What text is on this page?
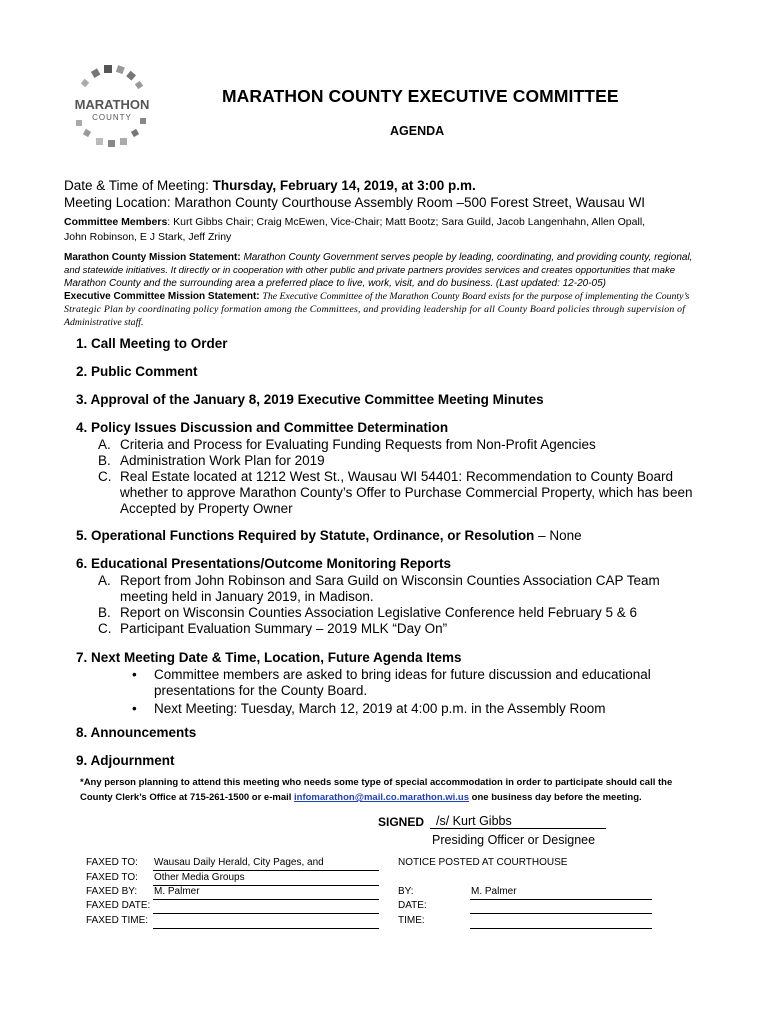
MARATHON
COUNTY
MARATHON COUNTY EXECUTIVE COMMITTEE
AGENDA
Date & Time of Meeting: Thursday, February 14, 2019, at 3:00 p.m.
Meeting Location: Marathon County Courthouse Assembly Room –500 Forest Street, Wausau WI
Committee Members: Kurt Gibbs Chair; Craig McEwen, Vice-Chair; Matt Bootz; Sara Guild, Jacob Langenhahn, Allen Opall,
John Robinson, E J Stark, Jeff Zriny
Marathon County Mission Statement: Marathon County Government serves people by leading, coordinating, and providing county, regional,
and statewide initiatives. It directly or in cooperation with other public and private partners provides services and creates opportunities that make
Marathon County and the surrounding area a preferred place to live, work, visit, and do business. (Last updated: 12-20-05)
Executive Committee Mission Statement: The Executive Committee of the Marathon County Board exists for the purpose of implementing the County’s
Strategic Plan by coordinating policy formation among the Committees, and providing leadership for all County Board policies through supervision of
Administrative staff.
1. Call Meeting to Order
2. Public Comment
3. Approval of the January 8, 2019 Executive Committee Meeting Minutes
4. Policy Issues Discussion and Committee Determination
A. Criteria and Process for Evaluating Funding Requests from Non-Profit Agencies
B. Administration Work Plan for 2019
C. Real Estate located at 1212 West St., Wausau WI 54401: Recommendation to County Board
whether to approve Marathon County’s Offer to Purchase Commercial Property, which has been
Accepted by Property Owner
5. Operational Functions Required by Statute, Ordinance, or Resolution – None
6. Educational Presentations/Outcome Monitoring Reports
A. Report from John Robinson and Sara Guild on Wisconsin Counties Association CAP Team
meeting held in January 2019, in Madison.
B. Report on Wisconsin Counties Association Legislative Conference held February 5 & 6
C. Participant Evaluation Summary – 2019 MLK “Day On”
7. Next Meeting Date & Time, Location, Future Agenda Items
• Committee members are asked to bring ideas for future discussion and educational
presentations for the County Board.
• Next Meeting: Tuesday, March 12, 2019 at 4:00 p.m. in the Assembly Room
8. Announcements
9. Adjournment
*Any person planning to attend this meeting who needs some type of special accommodation in order to participate should call the
County Clerk’s Office at 715-261-1500 or e-mail infomarathon@mail.co.marathon.wi.us one business day before the meeting.
SIGNED /s/ Kurt Gibbs
Presiding Officer or Designee
FAXED TO: Wausau Daily Herald, City Pages, and
FAXED TO: Other Media Groups
FAXED BY: M. Palmer
FAXED DATE:
FAXED TIME:
NOTICE POSTED AT COURTHOUSE
BY:	M. Palmer
DATE:
TIME:
